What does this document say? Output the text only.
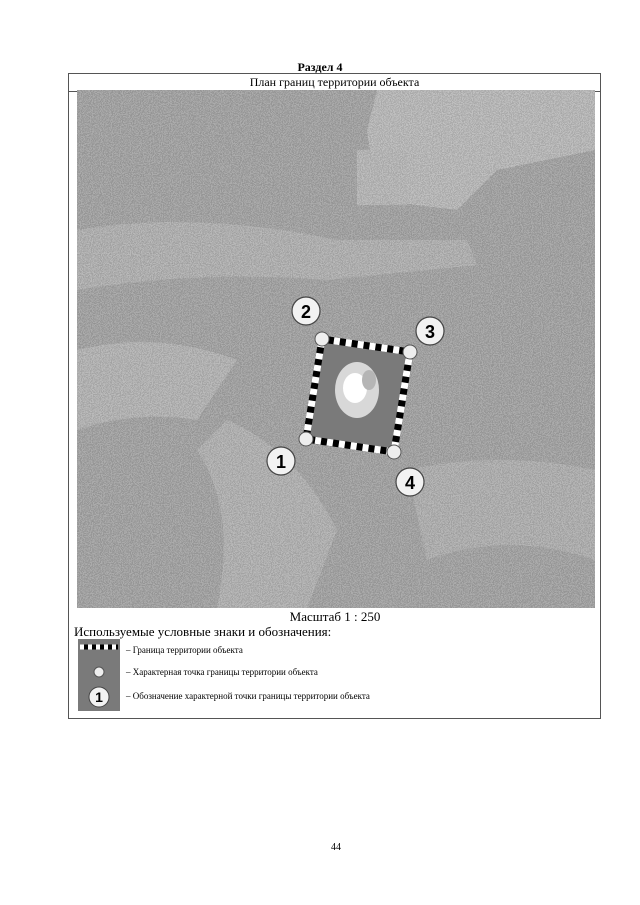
Раздел 4
План границ территории объекта
1
2
3
4
Масштаб 1 : 250
Используемые условные знаки и обозначения:
– Граница территории объекта
– Характерная точка границы территории объекта
1	– Обозначение характерной точки границы территории объекта
44
